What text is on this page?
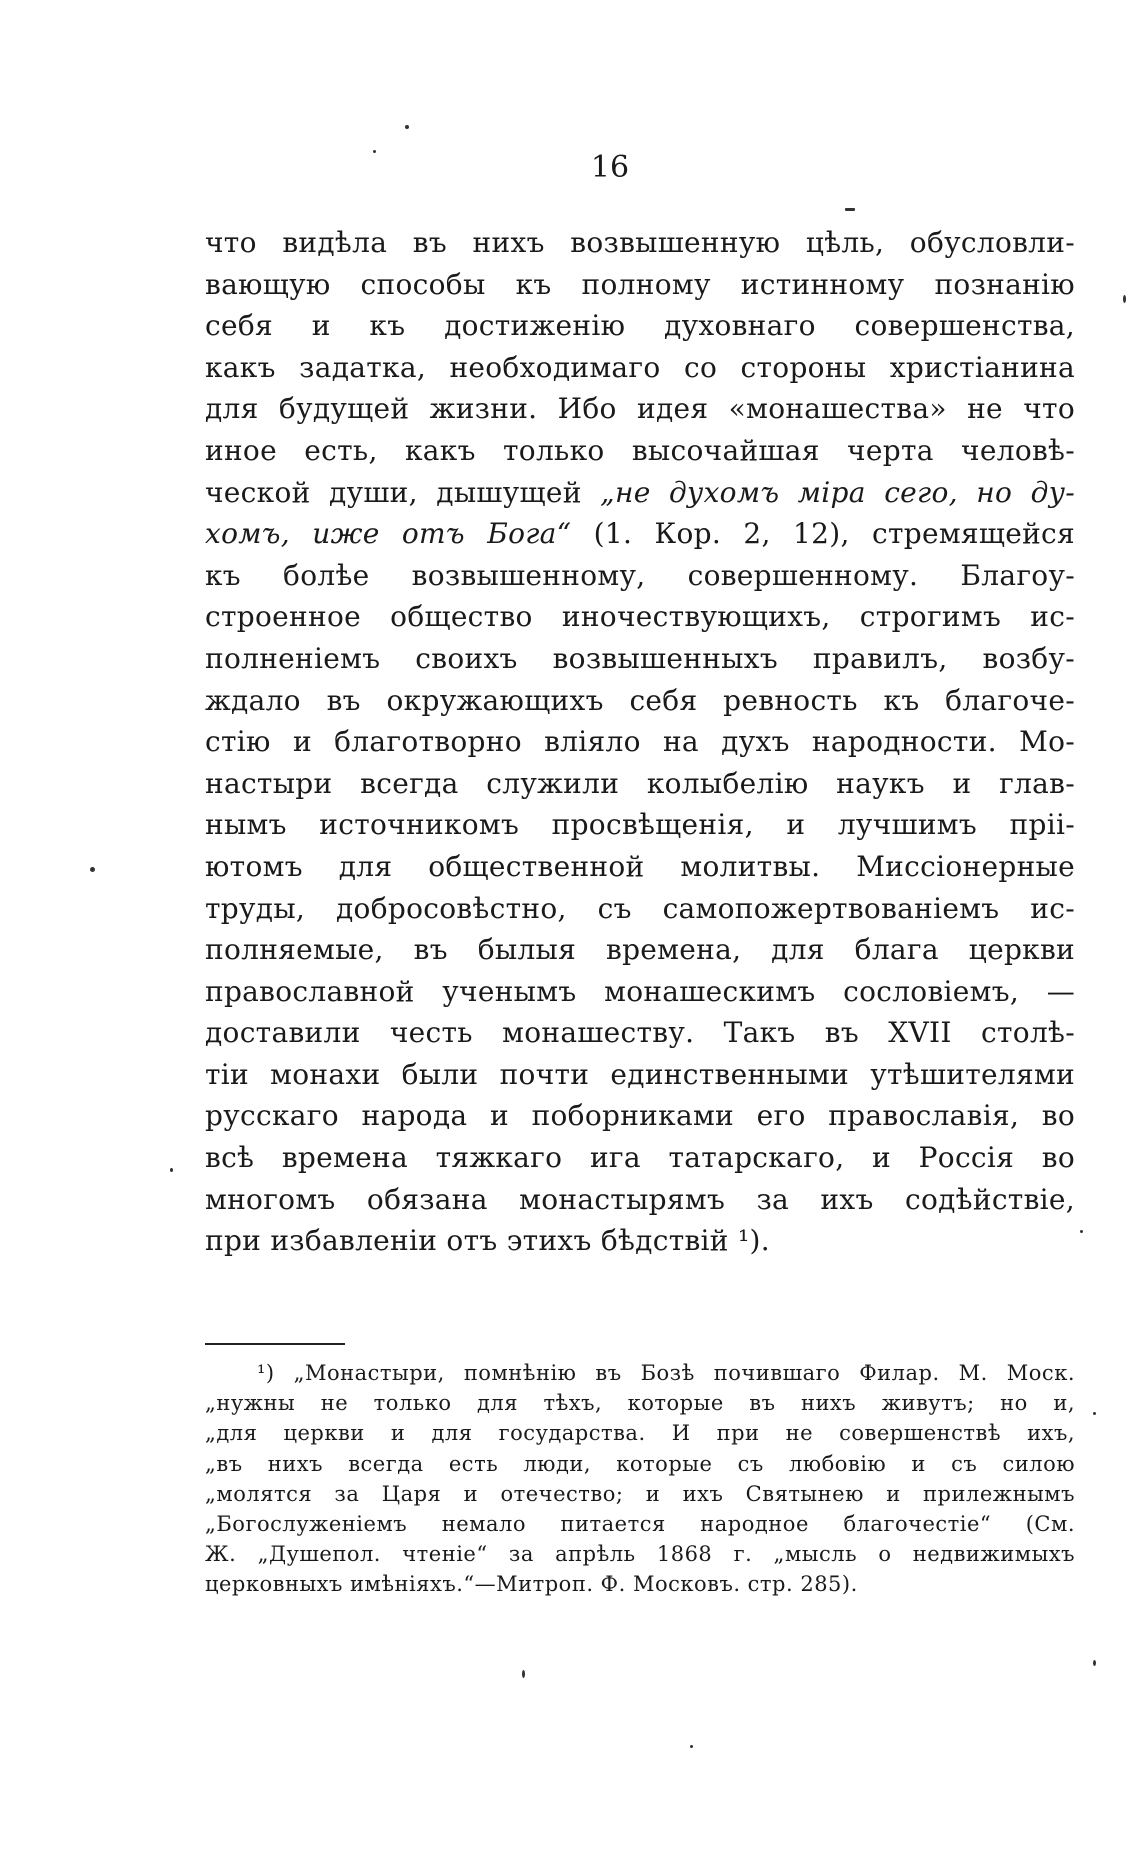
16
что видѣла въ нихъ возвышенную цѣль, обусловли-
вающую способы къ полному истинному познанію
себя и къ достиженію духовнаго совершенства,
какъ задатка, необходимаго со стороны христіанина
для будущей жизни. Ибо идея «монашества» не что
иное есть, какъ только высочайшая черта человѣ-
ческой души, дышущей „не духомъ міра сего, но ду-
хомъ, иже отъ Бога“ (1. Кор. 2, 12), стремящейся
къ болѣе возвышенному, совершенному. Благоу-
строенное общество иночествующихъ, строгимъ ис-
полненіемъ своихъ возвышенныхъ правилъ, возбу-
ждало въ окружающихъ себя ревность къ благоче-
стію и благотворно вліяло на духъ народности. Мо-
настыри всегда служили колыбелію наукъ и глав-
нымъ источникомъ просвѣщенія, и лучшимъ пріі-
ютомъ для общественной молитвы. Миссіонерные
труды, добросовѣстно, съ самопожертвованіемъ ис-
полняемые, въ былыя времена, для блага церкви
православной ученымъ монашескимъ сословіемъ, —
доставили честь монашеству. Такъ въ XVII столѣ-
тіи монахи были почти единственными утѣшителями
русскаго народа и поборниками его православія, во
всѣ времена тяжкаго ига татарскаго, и Россія во
многомъ обязана монастырямъ за ихъ содѣйствіе,
при избавленіи отъ этихъ бѣдствій ¹).
¹) „Монастыри, помнѣнію въ Бозѣ почившаго Филар. М. Моск.
„нужны не только для тѣхъ, которые въ нихъ живутъ; но и,
„для церкви и для государства. И при не совершенствѣ ихъ,
„въ нихъ всегда есть люди, которые съ любовію и съ силою
„молятся за Царя и отечество; и ихъ Святынею и прилежнымъ
„Богослуженіемъ немало питается народное благочестіе“ (См.
Ж. „Душепол. чтеніе“ за апрѣль 1868 г. „мысль о недвижимыхъ
церковныхъ имѣніяхъ.“—Митроп. Ф. Московъ. стр. 285).
